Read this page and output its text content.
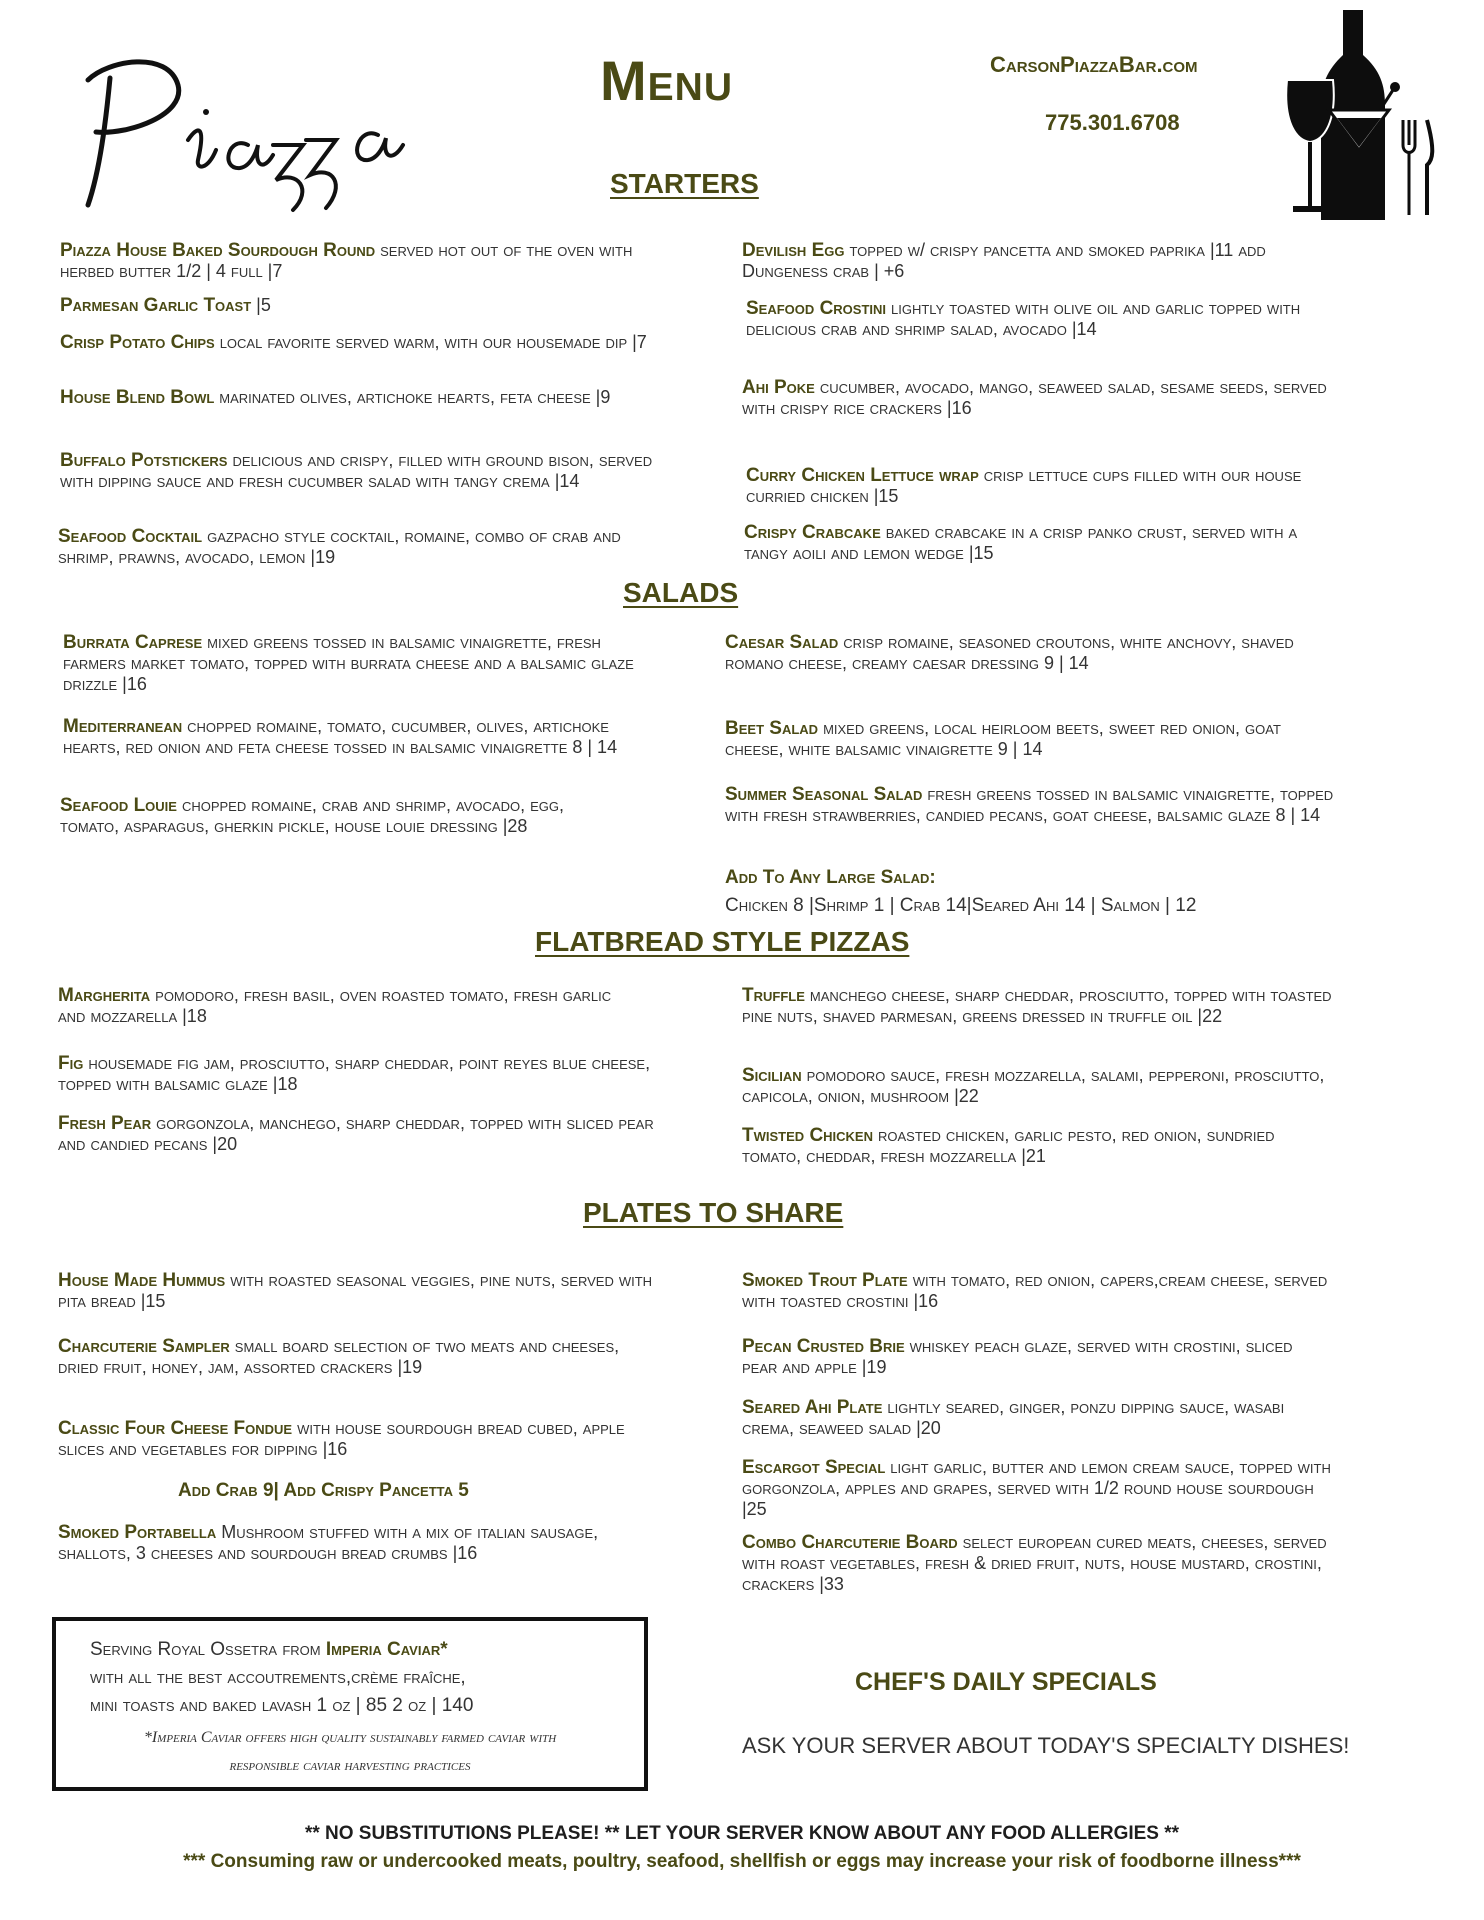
Menu	CarsonPiazzaBar.com
775.301.6708
STARTERS
SALADS
FLATBREAD STYLE PIZZAS
PLATES TO SHARE
Piazza House Baked Sourdough Round served hot out of the oven with herbed butter 1/2 | 4 full |7
Parmesan Garlic Toast |5
Crisp Potato Chips local favorite served warm, with our housemade dip |7
House Blend Bowl marinated olives, artichoke hearts, feta cheese |9
Buffalo Potstickers delicious and crispy, filled with ground bison, served with dipping sauce and fresh cucumber salad with tangy crema |14
Seafood Cocktail gazpacho style cocktail, romaine, combo of crab and shrimp, prawns, avocado, lemon |19
Devilish Egg topped w/ crispy pancetta and smoked paprika |11 add Dungeness crab | +6
Seafood Crostini lightly toasted with olive oil and garlic topped with delicious crab and shrimp salad, avocado |14
Ahi Poke cucumber, avocado, mango, seaweed salad, sesame seeds, served with crispy rice crackers |16
Curry Chicken Lettuce wrap crisp lettuce cups filled with our house curried chicken |15
Crispy Crabcake baked crabcake in a crisp panko crust, served with a tangy aoili and lemon wedge |15
Burrata Caprese mixed greens tossed in balsamic vinaigrette, fresh farmers market tomato, topped with burrata cheese and a balsamic glaze drizzle |16
Mediterranean chopped romaine, tomato, cucumber, olives, artichoke hearts, red onion and feta cheese tossed in balsamic vinaigrette 8 | 14
Seafood Louie chopped romaine, crab and shrimp, avocado, egg, tomato, asparagus, gherkin pickle, house louie dressing |28
Caesar Salad crisp romaine, seasoned croutons, white anchovy, shaved romano cheese, creamy caesar dressing 9 | 14
Beet Salad mixed greens, local heirloom beets, sweet red onion, goat cheese, white balsamic vinaigrette 9 | 14
Summer Seasonal Salad fresh greens tossed in balsamic vinaigrette, topped with fresh strawberries, candied pecans, goat cheese, balsamic glaze 8 | 14
Add To Any Large Salad:
Chicken 8 |Shrimp 1 | Crab 14|Seared Ahi 14 | Salmon | 12
Margherita pomodoro, fresh basil, oven roasted tomato, fresh garlic and mozzarella |18
Fig housemade fig jam, prosciutto, sharp cheddar, point reyes blue cheese, topped with balsamic glaze |18
Fresh Pear gorgonzola, manchego, sharp cheddar, topped with sliced pear and candied pecans |20
Truffle manchego cheese, sharp cheddar, prosciutto, topped with toasted pine nuts, shaved parmesan, greens dressed in truffle oil |22
Sicilian pomodoro sauce, fresh mozzarella, salami, pepperoni, prosciutto, capicola, onion, mushroom |22
Twisted Chicken roasted chicken, garlic pesto, red onion, sundried tomato, cheddar, fresh mozzarella |21
House Made Hummus with roasted seasonal veggies, pine nuts, served with pita bread |15
Charcuterie Sampler small board selection of two meats and cheeses, dried fruit, honey, jam, assorted crackers |19
Classic Four Cheese Fondue with house sourdough bread cubed, apple slices and vegetables for dipping |16
Add Crab 9| Add Crispy Pancetta 5
Smoked Portabella Mushroom stuffed with a mix of italian sausage, shallots, 3 cheeses and sourdough bread crumbs |16
Smoked Trout Plate with tomato, red onion, capers,cream cheese, served with toasted crostini |16
Pecan Crusted Brie whiskey peach glaze, served with crostini, sliced pear and apple |19
Seared Ahi Plate lightly seared, ginger, ponzu dipping sauce, wasabi crema, seaweed salad |20
Escargot Special light garlic, butter and lemon cream sauce, topped with gorgonzola, apples and grapes, served with 1/2 round house sourdough |25
Combo Charcuterie Board select european cured meats, cheeses, served with roast vegetables, fresh & dried fruit, nuts, house mustard, crostini, crackers |33
Serving Royal Ossetra from Imperia Caviar*
with all the best accoutrements,crème fraîche,
mini toasts and baked lavash 1 oz | 85 2 oz | 140
*Imperia Caviar offers high quality sustainably farmed caviar with
responsible caviar harvesting practices
CHEF'S DAILY SPECIALS
ASK YOUR SERVER ABOUT TODAY'S SPECIALTY DISHES!
** NO SUBSTITUTIONS PLEASE! ** LET YOUR SERVER KNOW ABOUT ANY FOOD ALLERGIES **
*** Consuming raw or undercooked meats, poultry, seafood, shellfish or eggs may increase your risk of foodborne illness***
